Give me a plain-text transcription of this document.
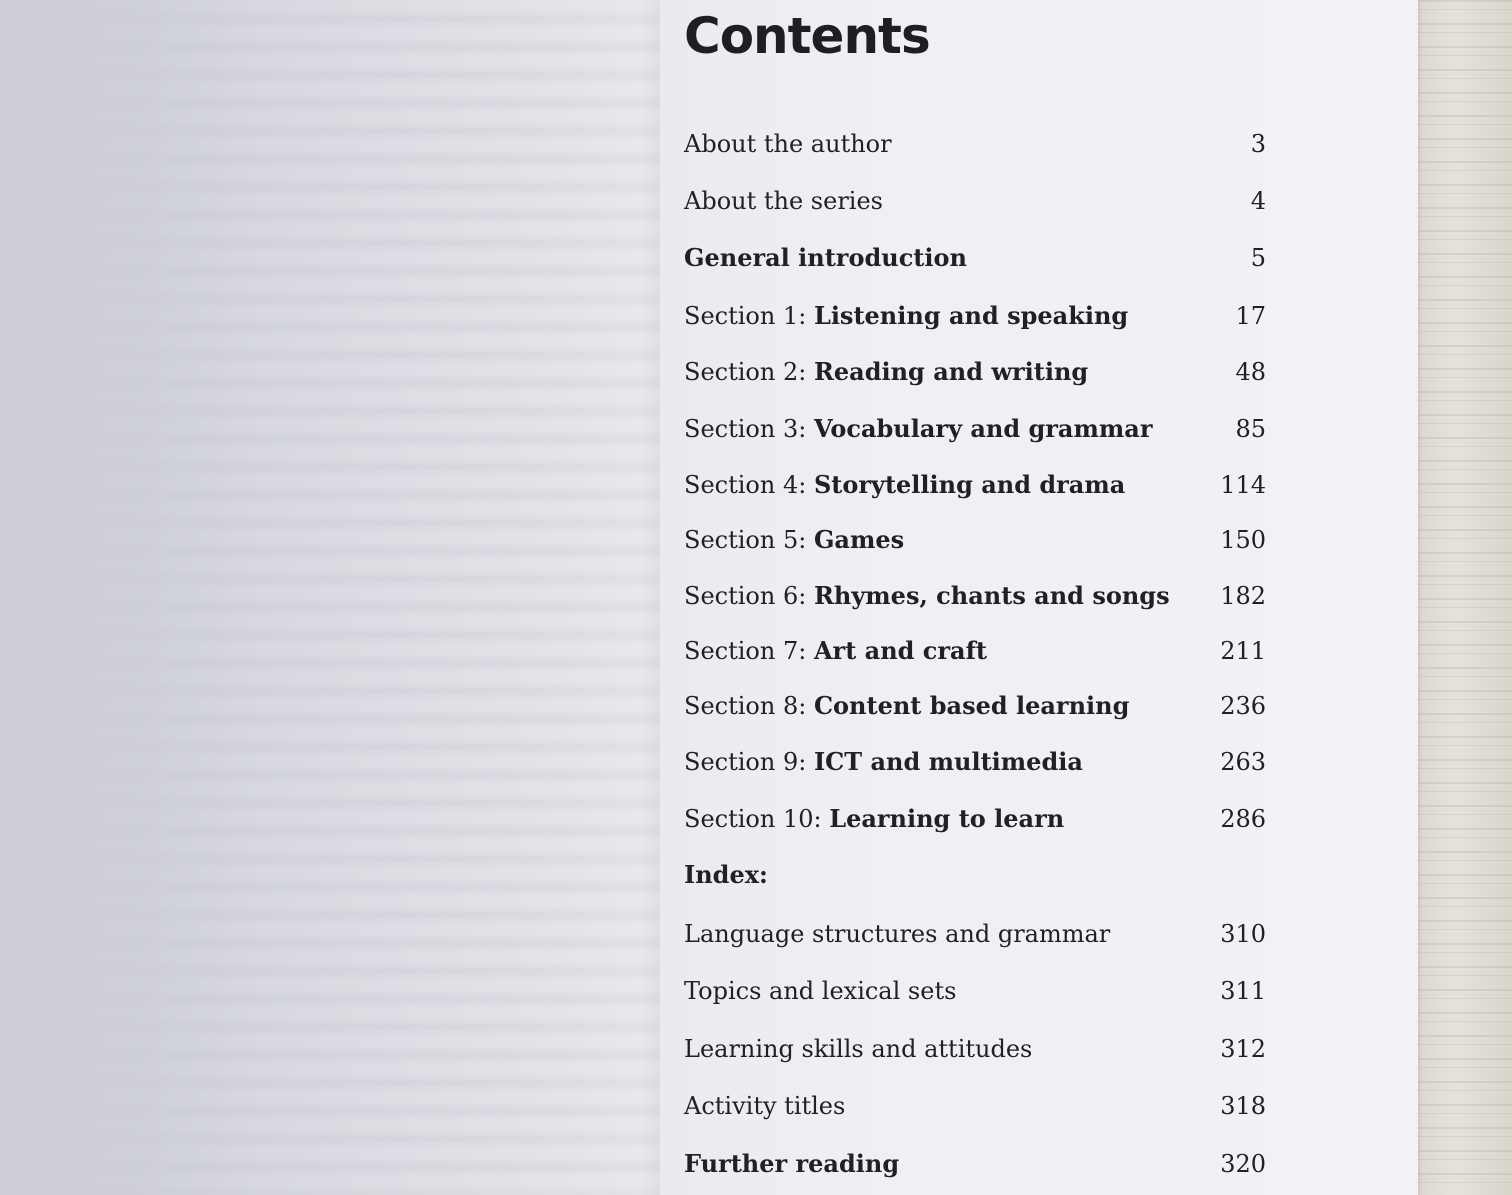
Contents
About the author	3
About the series	4
General introduction	5
Section 1: Listening and speaking	17
Section 2: Reading and writing	48
Section 3: Vocabulary and grammar	85
Section 4: Storytelling and drama	114
Section 5: Games	150
Section 6: Rhymes, chants and songs 182
Section 7: Art and craft	211
Section 8: Content based learning	236
Section 9: ICT and multimedia	263
Section 10: Learning to learn	286
Index:
Language structures and grammar	310
Topics and lexical sets	311
Learning skills and attitudes	312
Activity titles	318
Further reading	320
